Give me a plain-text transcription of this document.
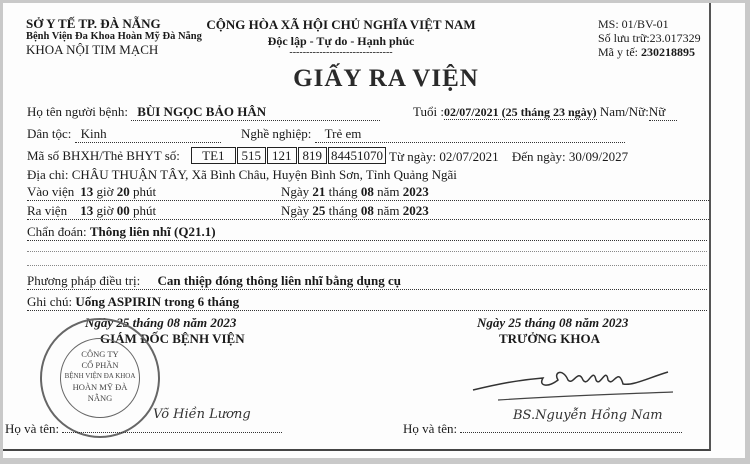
SỞ Y TẾ TP. ĐÀ NẴNG
Bệnh Viện Đa Khoa Hoàn Mỹ Đà Nẵng
KHOA NỘI TIM MẠCH
CỘNG HÒA XÃ HỘI CHỦ NGHĨA VIỆT NAM
Độc lập - Tự do - Hạnh phúc
-------------------------------
MS: 01/BV-01
Số lưu trữ:23.017329
Mã y tế: 230218895
GIẤY RA VIỆN
Họ tên người bệnh: BÙI NGỌC BẢO HÂN	Tuổi :02/07/2021 (25 tháng 23 ngày) Nam/Nữ:Nữ
Dân tộc: Kinh	Nghề nghiệp: Trẻ em
Mã số BHXH/Thẻ BHYT số: TE1 515 121 819 84451070 Từ ngày: 02/07/2021 Đến ngày: 30/09/2027
Địa chỉ: CHÂU THUẬN TÂY, Xã Bình Châu, Huyện Bình Sơn, Tỉnh Quảng Ngãi
Vào viện 13 giờ 20 phút	Ngày 21 tháng 08 năm 2023
Ra viện 13 giờ 00 phút	Ngày 25 tháng 08 năm 2023
Chẩn đoán: Thông liên nhĩ (Q21.1)
Phương pháp điều trị: Can thiệp đóng thông liên nhĩ bằng dụng cụ
Ghi chú: Uống ASPIRIN trong 6 tháng
Ngày 25 tháng 08 năm 2023
GIÁM ĐỐC BỆNH VIỆN
CÔNG TY
CỔ PHẦN
BỆNH VIỆN ĐA KHOA
HOÀN MỸ ĐÀ NẴNG
Võ Hiền Lương
Họ và tên:
Ngày 25 tháng 08 năm 2023
TRƯỞNG KHOA
BS.Nguyễn Hồng Nam
Họ và tên:
